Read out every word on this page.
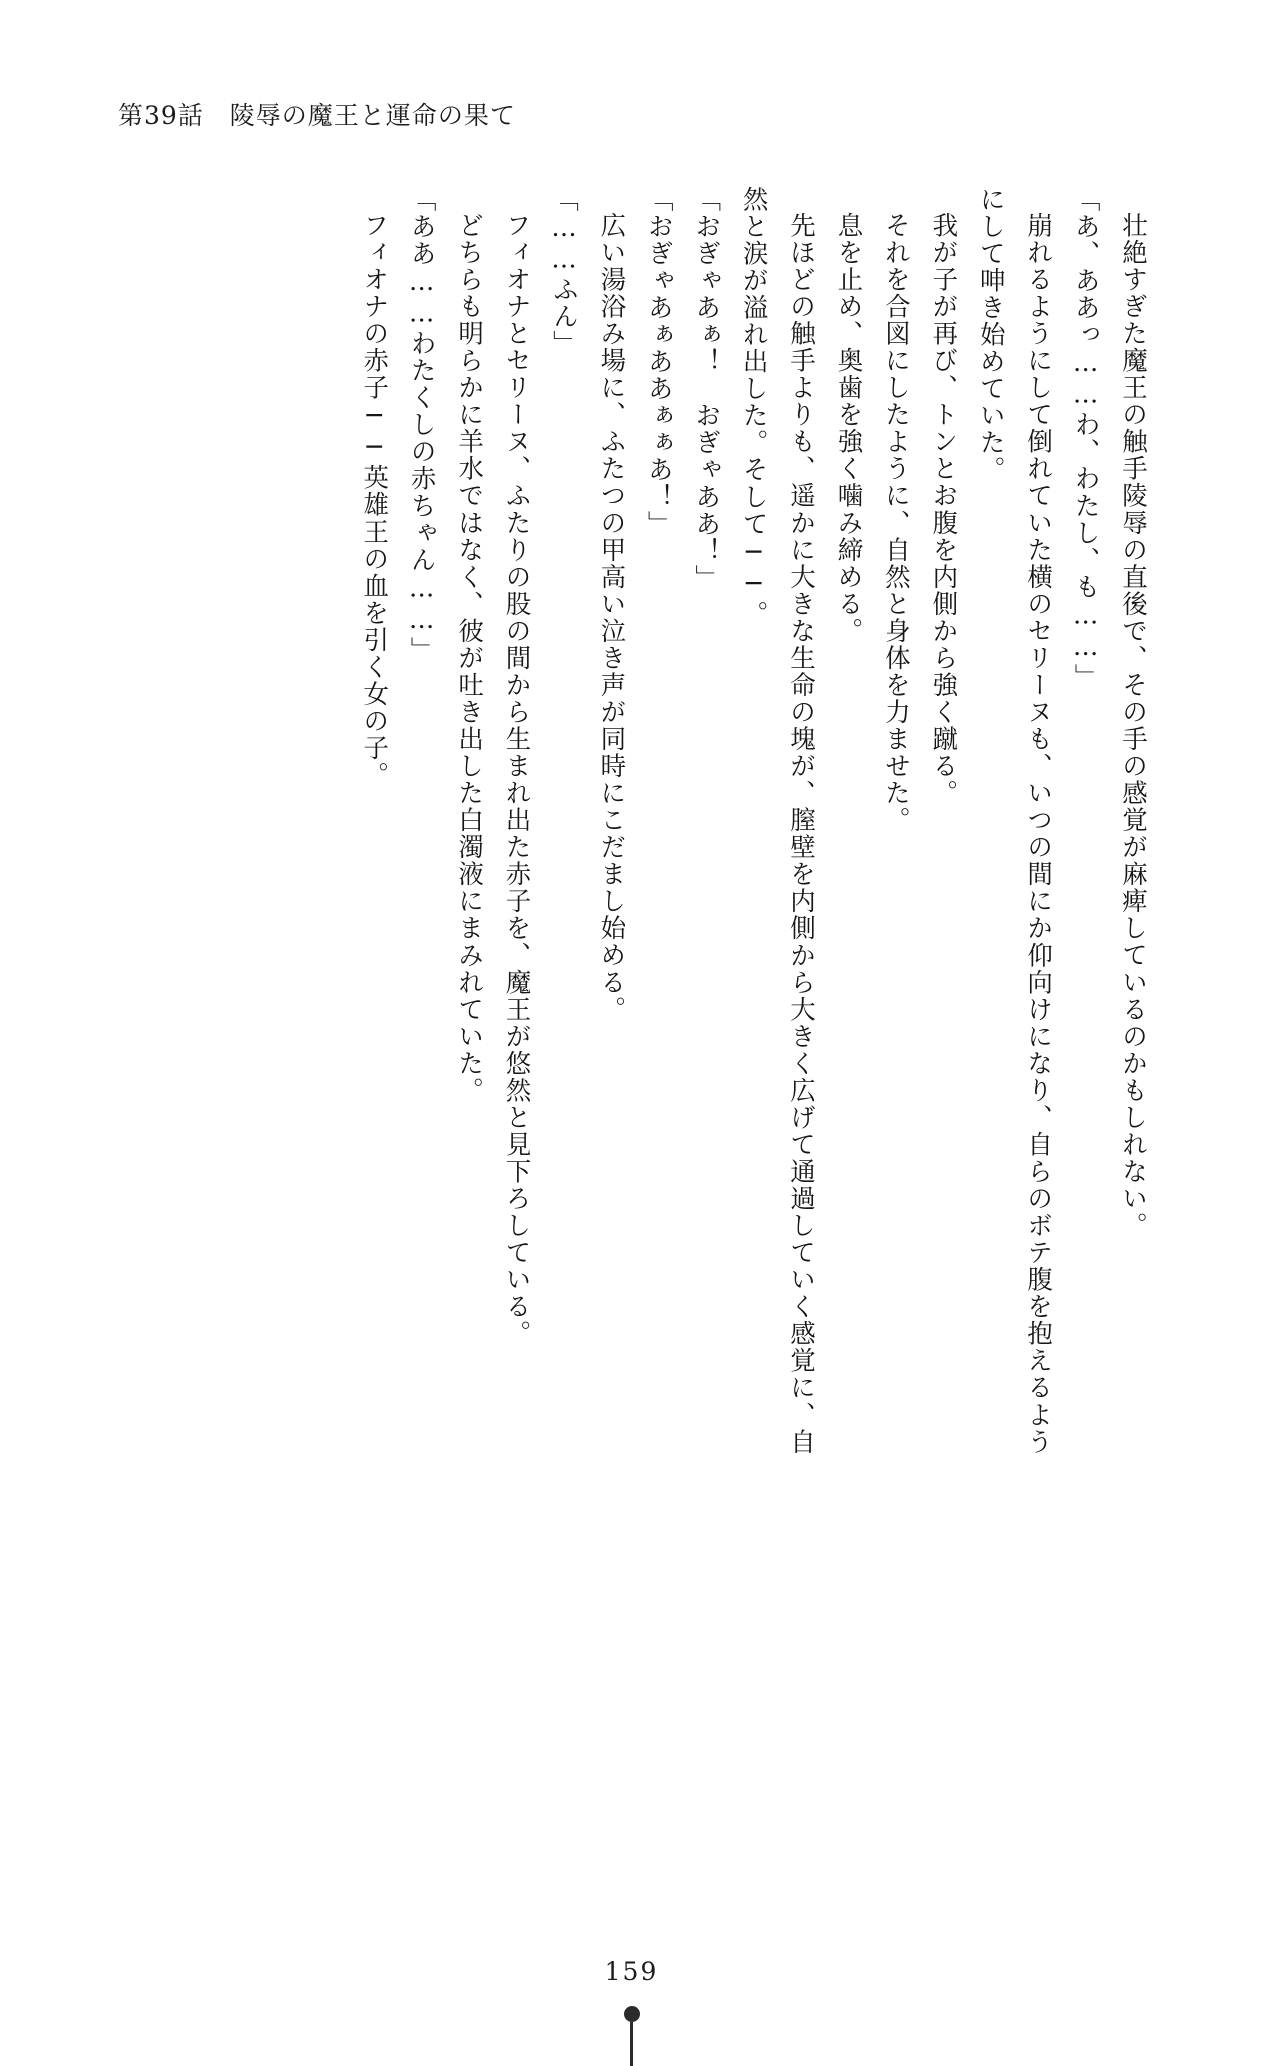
第39話　陵辱の魔王と運命の果て

壮絶すぎた魔王の触手陵辱の直後で、その手の感覚が麻痺しているのかもしれない。

「あ、ああっ……わ、わたし、も……」

崩れるようにして倒れていた横のセリーヌも、いつの間にか仰向けになり、自らのボテ腹を抱えるようにして呻き始めていた。

我が子が再び、トンとお腹を内側から強く蹴る。

それを合図にしたように、自然と身体を力ませた。

息を止め、奥歯を強く噛み締める。

先ほどの触手よりも、遥かに大きな生命の塊が、膣壁を内側から大きく広げて通過していく感覚に、自然と涙が溢れ出した。そして──。

「おぎゃあぁ！　おぎゃああ！」

「おぎゃあぁああぁぁあ！」

広い湯浴み場に、ふたつの甲高い泣き声が同時にこだまし始める。

「……ふん」

フィオナとセリーヌ、ふたりの股の間から生まれ出た赤子を、魔王が悠然と見下ろしている。

どちらも明らかに羊水ではなく、彼が吐き出した白濁液にまみれていた。

「ああ……わたくしの赤ちゃん……」

フィオナの赤子──英雄王の血を引く女の子。

159
